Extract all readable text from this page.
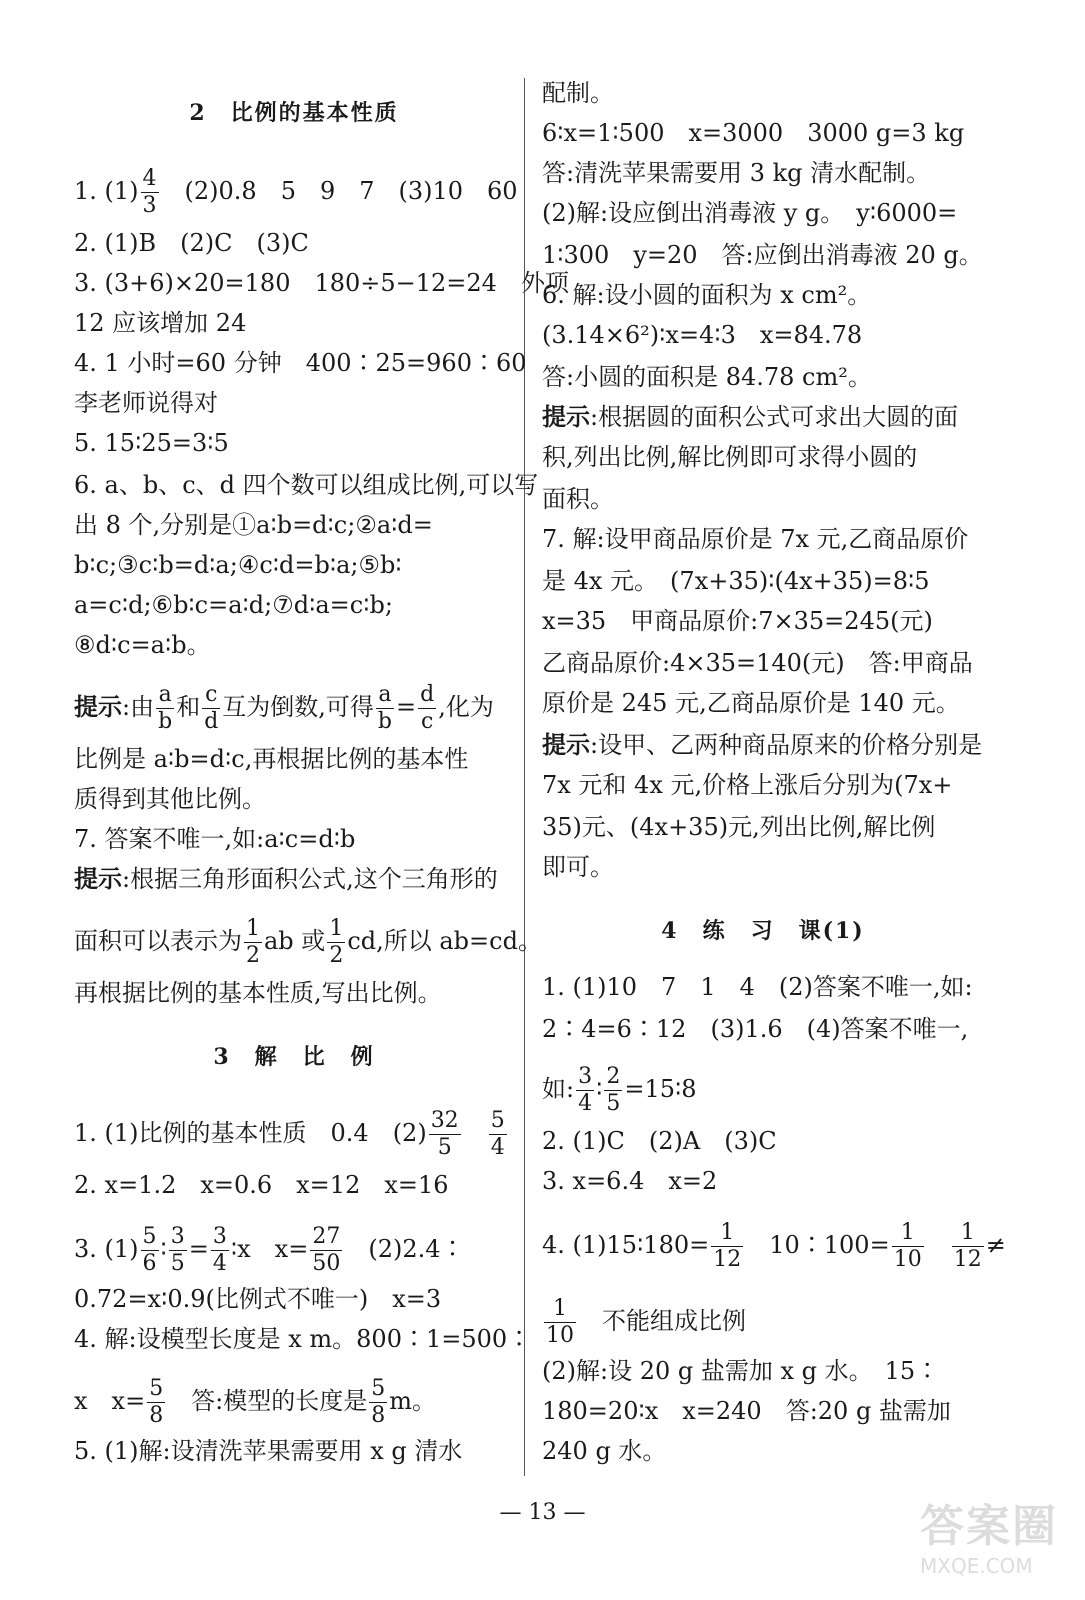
2　比例的基本性质
1. $(1) \frac{4}{3}$ 　(2)0.8　5　9　7　(3)10　60
2. (1)B　(2)C　(3)C
3. (3+6)×20=180　180÷5−12=24　外项
12 应该增加 24
4. 1 小时=60 分钟　400∶25=960∶60
李老师说得对
5. 15∶25=3∶5
6. a、b、c、d 四个数可以组成比例,可以写
出 8 个,分别是①a∶b=d∶c;②a∶d=
b∶c;③c∶b=d∶a;④c∶d=b∶a;⑤b∶
a=c∶d;⑥b∶c=a∶d;⑦d∶a=c∶b;
⑧d∶c=a∶b。
提示:由 $\frac{a}{b}$ 和 $\frac{c}{d}$ 互为倒数,可得 $\frac{a}{b} = \frac{d}{c}$ ,化为
比例是 a∶b=d∶c,再根据比例的基本性
质得到其他比例。
7. 答案不唯一,如:a∶c=d∶b
提示:根据三角形面积公式,这个三角形的
面积可以表示为 $\frac{1}{2}$ ab 或 $\frac{1}{2}$ cd,所以 ab=cd。
再根据比例的基本性质,写出比例。
3　解　比　例
1. (1)比例的基本性质　0.4　$(2) \frac{32}{5}$
　 $\frac{5}{4}$
2. x=1.2　x=0.6　x=12　x=16
3. $(1) \frac{5}{6}$ ∶ $\frac{3}{5} = \frac{3}{4}$ ∶x　$x= \frac{27}{50}$ 　(2)2.4∶
0.72=x∶0.9(比例式不唯一)　x=3
4. 解:设模型长度是 x m。800∶1=500∶
x　$x= \frac{5}{8}$ 　答:模型的长度是 $\frac{5}{8}$ m。
5. (1)解:设清洗苹果需要用 x g 清水
配制。
6∶x=1∶500　x=3000　3000 g=3 kg
答:清洗苹果需要用 3 kg 清水配制。
(2)解:设应倒出消毒液 y g。　y∶6000=
1∶300　y=20　答:应倒出消毒液 20 g。
6. 解:设小圆的面积为 x cm²。
(3.14×6²)∶x=4∶3　x=84.78
答:小圆的面积是 84.78 cm²。
提示:根据圆的面积公式可求出大圆的面
积,列出比例,解比例即可求得小圆的
面积。
7. 解:设甲商品原价是 7x 元,乙商品原价
是 4x 元。　(7x+35)∶(4x+35)=8∶5
x=35　甲商品原价:7×35=245(元)
乙商品原价:4×35=140(元)　答:甲商品
原价是 245 元,乙商品原价是 140 元。
提示:设甲、乙两种商品原来的价格分别是
7x 元和 4x 元,价格上涨后分别为(7x+
35)元、(4x+35)元,列出比例,解比例
即可。
4　练　习　课(1)
1. (1)10　7　1　4　(2)答案不唯一,如:
2∶4=6∶12　(3)1.6　(4)答案不唯一,
如: $\frac{3}{4}$ ∶ $\frac{2}{5}$ =15∶8
2. (1)C　(2)A　(3)C
3. x=6.4　x=2
4. (1)15∶180= $\frac{1}{12}$ 　10∶100= $\frac{1}{10}$
　 $\frac{1}{12}$ ≠
$\frac{1}{10}$ 　不能组成比例
(2)解:设 20 g 盐需加 x g 水。　15∶
180=20∶x　x=240　答:20 g 盐需加
240 g 水。
— 13 —	答案圈
MXQE.COM
